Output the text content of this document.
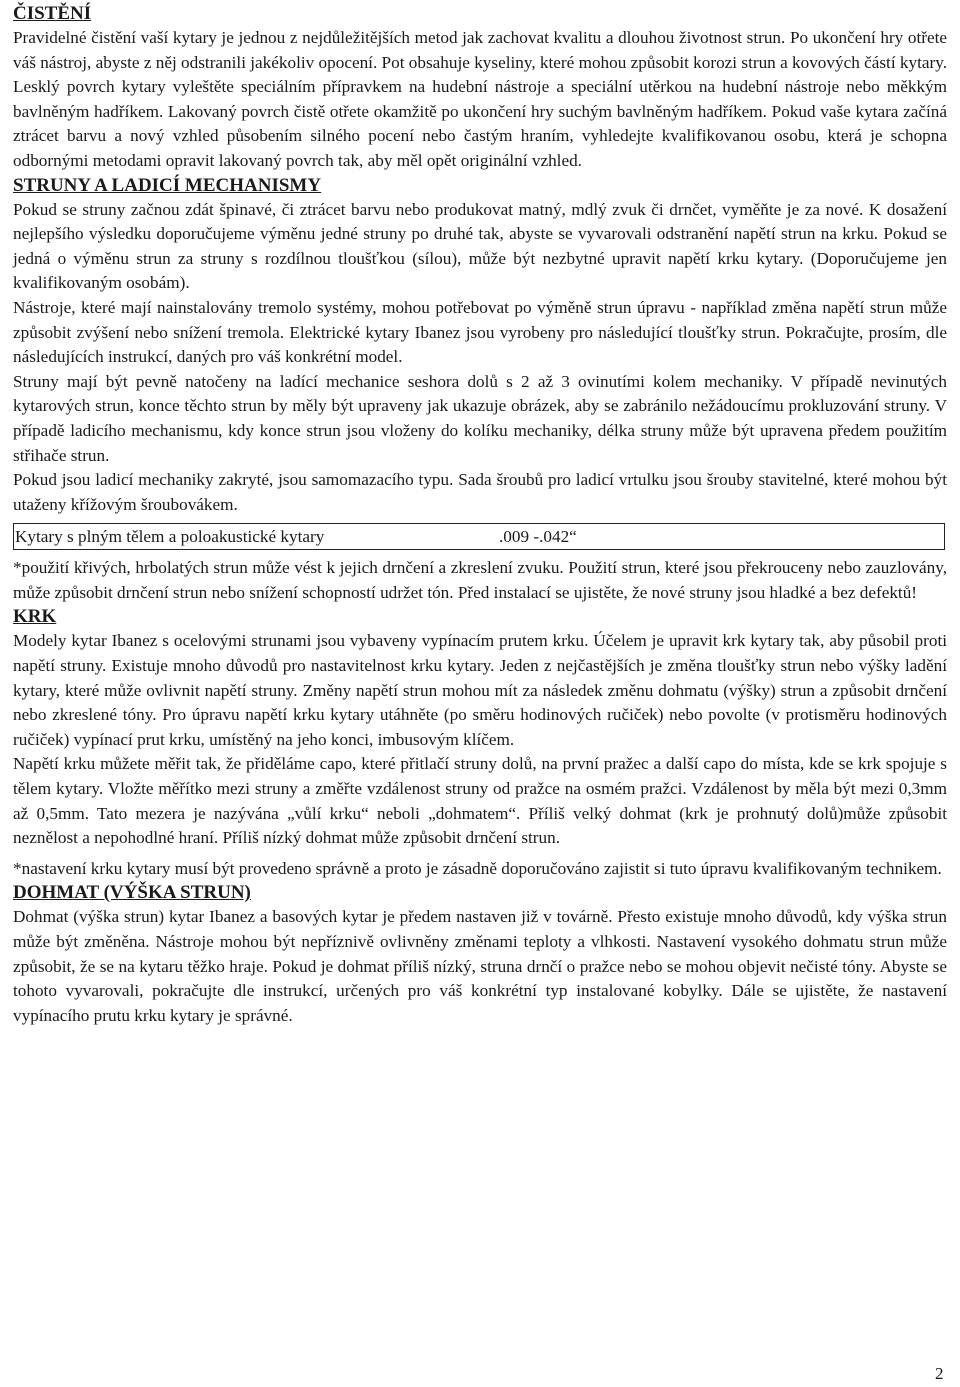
ČISTĚNÍ

Pravidelné čistění vaší kytary je jednou z nejdůležitějších metod jak zachovat kvalitu a dlouhou životnost strun. Po ukončení hry otřete váš nástroj, abyste z něj odstranili jakékoliv opocení. Pot obsahuje kyseliny, které mohou způsobit korozi strun a kovových částí kytary. Lesklý povrch kytary vyleštěte speciálním přípravkem na hudební nástroje a speciální utěrkou na hudební nástroje nebo měkkým bavlněným hadříkem. Lakovaný povrch čistě otřete okamžitě po ukončení hry suchým bavlněným hadříkem. Pokud vaše kytara začíná ztrácet barvu a nový vzhled působením silného pocení nebo častým hraním, vyhledejte kvalifikovanou osobu, která je schopna odbornými metodami opravit lakovaný povrch tak, aby měl opět originální vzhled.

STRUNY A LADICÍ MECHANISMY

Pokud se struny začnou zdát špinavé, či ztrácet barvu nebo produkovat matný, mdlý zvuk či drnčet, vyměňte je za nové. K dosažení nejlepšího výsledku doporučujeme výměnu jedné struny po druhé tak, abyste se vyvarovali odstranění napětí strun na krku. Pokud se jedná o výměnu strun za struny s rozdílnou tloušťkou (sílou), může být nezbytné upravit napětí krku kytary. (Doporučujeme jen kvalifikovaným osobám).

Nástroje, které mají nainstalovány tremolo systémy, mohou potřebovat po výměně strun úpravu - například změna napětí strun může způsobit zvýšení nebo snížení tremola. Elektrické kytary Ibanez jsou vyrobeny pro následující tloušťky strun. Pokračujte, prosím, dle následujících instrukcí, daných pro váš konkrétní model.

Struny mají být pevně natočeny na ladící mechanice seshora dolů s 2 až 3 ovinutími kolem mechaniky. V případě nevinutých kytarových strun, konce těchto strun by měly být upraveny jak ukazuje obrázek, aby se zabránilo nežádoucímu prokluzování struny. V případě ladicího mechanismu, kdy konce strun jsou vloženy do kolíku mechaniky, délka struny může být upravena předem použitím střihače strun.

Pokud jsou ladicí mechaniky zakryté, jsou samomazacího typu. Sada šroubů pro ladicí vrtulku jsou šrouby stavitelné, které mohou být utaženy křížovým šroubovákem.

Kytary s plným tělem a poloakustické kytary	.009 -.042“

*použití křivých, hrbolatých strun může vést k jejich drnčení a zkreslení zvuku. Použití strun, které jsou překrouceny nebo zauzlovány, může způsobit drnčení strun nebo snížení schopností udržet tón. Před instalací se ujistěte, že nové struny jsou hladké a bez defektů!

KRK

Modely kytar Ibanez s ocelovými strunami jsou vybaveny vypínacím prutem krku. Účelem je upravit krk kytary tak, aby působil proti napětí struny. Existuje mnoho důvodů pro nastavitelnost krku kytary. Jeden z nejčastějších je změna tloušťky strun nebo výšky ladění kytary, které může ovlivnit napětí struny. Změny napětí strun mohou mít za následek změnu dohmatu (výšky) strun a způsobit drnčení nebo zkreslené tóny. Pro úpravu napětí krku kytary utáhněte (po směru hodinových ručiček) nebo povolte (v protisměru hodinových ručiček) vypínací prut krku, umístěný na jeho konci, imbusovým klíčem.

Napětí krku můžete měřit tak, že přiděláme capo, které přitlačí struny dolů, na první pražec a další capo do místa, kde se krk spojuje s tělem kytary. Vložte měřítko mezi struny a změřte vzdálenost struny od pražce na osmém pražci. Vzdálenost by měla být mezi 0,3mm až 0,5mm. Tato mezera je nazývána „vůlí krku“ neboli „dohmatem“. Příliš velký dohmat (krk je prohnutý dolů)může způsobit neznělost a nepohodlné hraní. Příliš nízký dohmat může způsobit drnčení strun.

*nastavení krku kytary musí být provedeno správně a proto je zásadně doporučováno zajistit si tuto úpravu kvalifikovaným technikem.

DOHMAT (VÝŠKA STRUN)

Dohmat (výška strun) kytar Ibanez a basových kytar je předem nastaven již v továrně. Přesto existuje mnoho důvodů, kdy výška strun může být změněna. Nástroje mohou být nepříznivě ovlivněny změnami teploty a vlhkosti. Nastavení vysokého dohmatu strun může způsobit, že se na kytaru těžko hraje. Pokud je dohmat příliš nízký, struna drnčí o pražce nebo se mohou objevit nečisté tóny. Abyste se tohoto vyvarovali, pokračujte dle instrukcí, určených pro váš konkrétní typ instalované kobylky. Dále se ujistěte, že nastavení vypínacího prutu krku kytary je správné.

2
